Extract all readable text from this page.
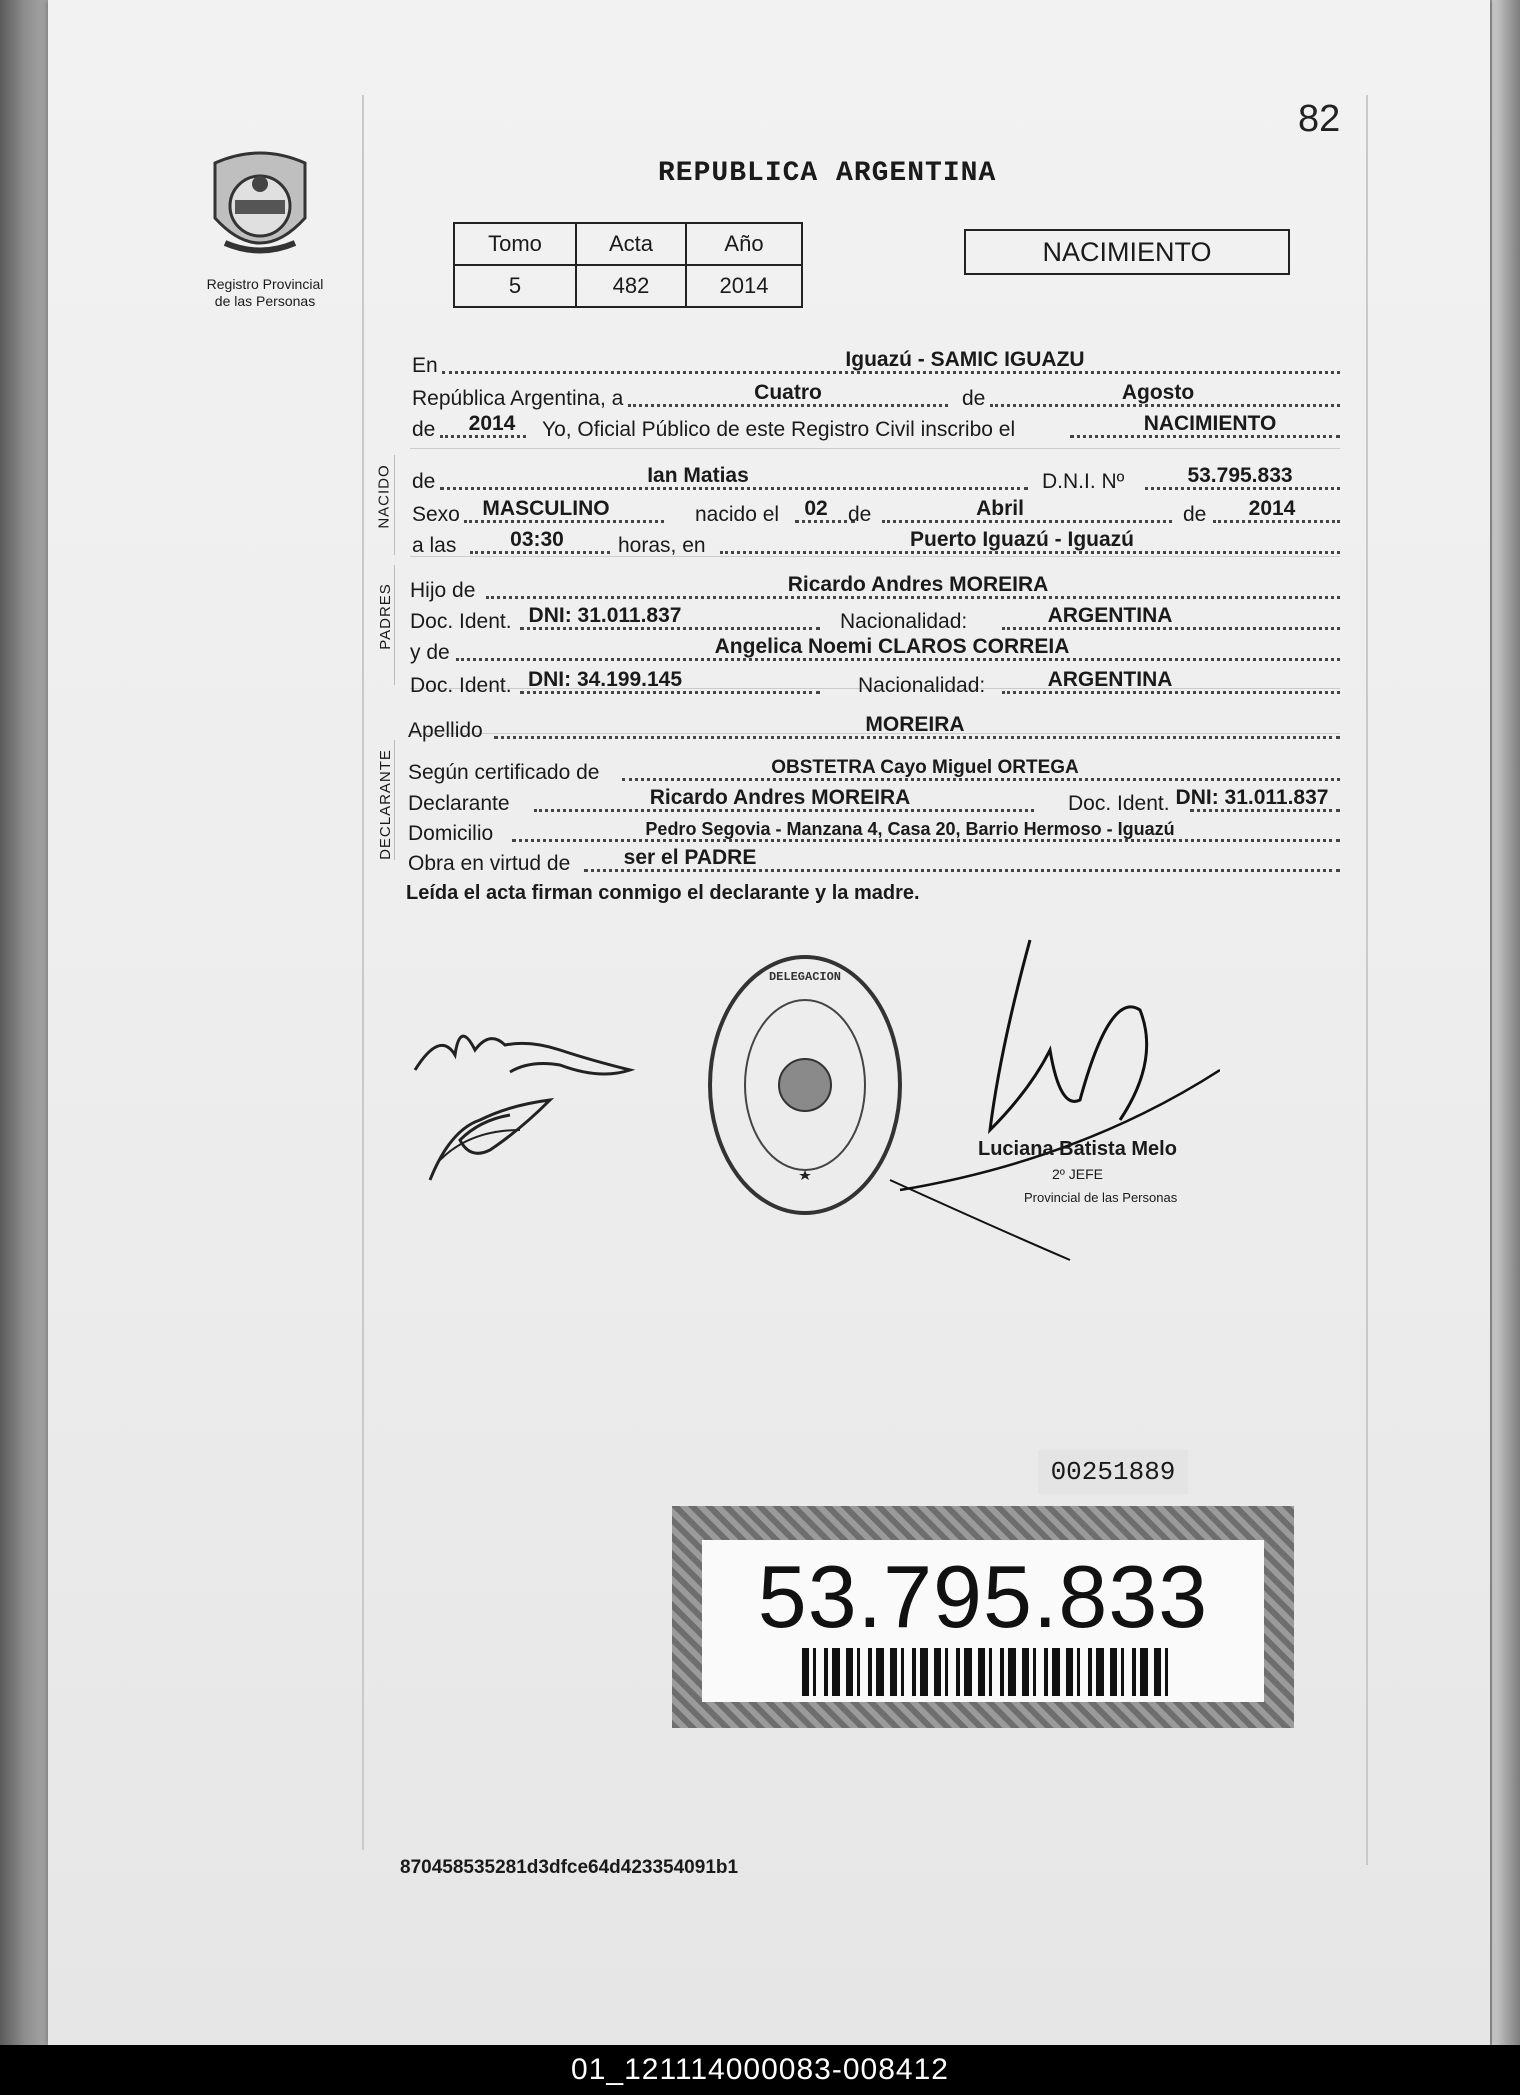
82
REPUBLICA ARGENTINA
Registro Provincial
de las Personas
Tomo	Acta	Año
5	482	2014
NACIMIENTO
NACIDO
PADRES
DECLARANTE
En	Iguazú - SAMIC IGUAZU
República Argentina, a	Cuatro	de	Agosto
de 2014 Yo, Oficial Público de este Registro Civil inscribo el	NACIMIENTO
de	Ian Matias	D.N.I. Nº	53.795.833
Sexo MASCULINO	nacido el 02 de	Abril	de 2014
a las	03:30	horas, en	Puerto Iguazú - Iguazú
Hijo de	Ricardo Andres MOREIRA
Doc. Ident. DNI: 31.011.837	Nacionalidad:	ARGENTINA
y de	Angelica Noemi CLAROS CORREIA
Doc. Ident. DNI: 34.199.145	Nacionalidad:	ARGENTINA
Apellido	MOREIRA
Según certificado de	OBSTETRA Cayo Miguel ORTEGA
Declarante	Ricardo Andres MOREIRA	Doc. Ident. DNI: 31.011.837
Domicilio	Pedro Segovia - Manzana 4, Casa 20, Barrio Hermoso - Iguazú
Obra en virtud de	ser el PADRE
Leída el acta firman conmigo el declarante y la madre.
DELEGACION
Luciana Batista Melo
2º JEFE
Provincial de las Personas
00251889
53.795.833
870458535281d3dfce64d423354091b1
01_121114000083-008412
